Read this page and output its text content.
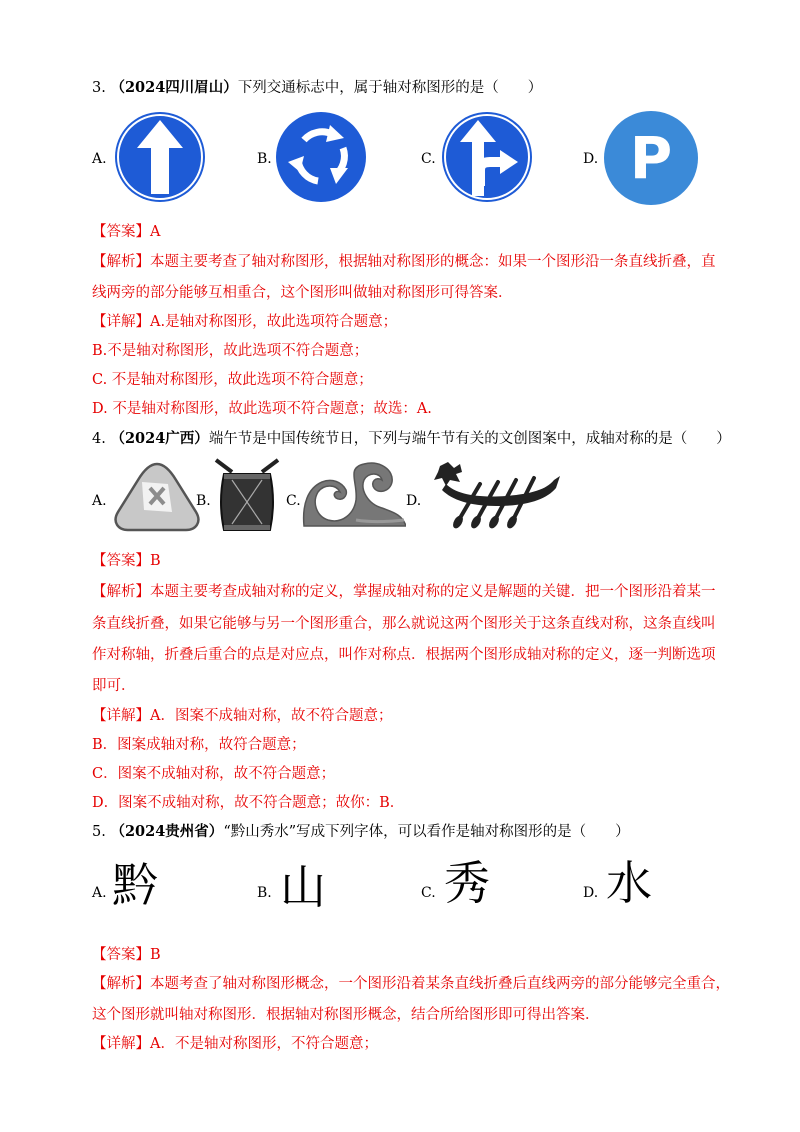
3. （2024四川眉山）下列交通标志中，属于轴对称图形的是（　　）
A.	B.	C.	D. P
【答案】A
【解析】本题主要考查了轴对称图形，根据轴对称图形的概念：如果一个图形沿一条直线折叠，直
线两旁的部分能够互相重合，这个图形叫做轴对称图形可得答案．
【详解】A.是轴对称图形，故此选项符合题意；
B.不是轴对称图形，故此选项不符合题意；
C. 不是轴对称图形，故此选项不符合题意；
D. 不是轴对称图形，故此选项不符合题意；故选：A.
4. （2024广西）端午节是中国传统节日，下列与端午节有关的文创图案中，成轴对称的是（　　）
A.	B.	C.	D.
【答案】B
【解析】本题主要考查成轴对称的定义，掌握成轴对称的定义是解题的关键．把一个图形沿着某一
条直线折叠，如果它能够与另一个图形重合，那么就说这两个图形关于这条直线对称，这条直线叫
作对称轴，折叠后重合的点是对应点，叫作对称点．根据两个图形成轴对称的定义，逐一判断选项
即可．
【详解】A．图案不成轴对称，故不符合题意；
B．图案成轴对称，故符合题意；
C．图案不成轴对称，故不符合题意；
D．图案不成轴对称，故不符合题意；故你：B．
5. （2024贵州省）“黔山秀水”写成下列字体，可以看作是轴对称图形的是（　　）
A. 黔	B. 山	C. 秀	D. 水
【答案】B
【解析】本题考查了轴对称图形概念，一个图形沿着某条直线折叠后直线两旁的部分能够完全重合，
这个图形就叫轴对称图形．根据轴对称图形概念，结合所给图形即可得出答案．
【详解】A．不是轴对称图形，不符合题意；
